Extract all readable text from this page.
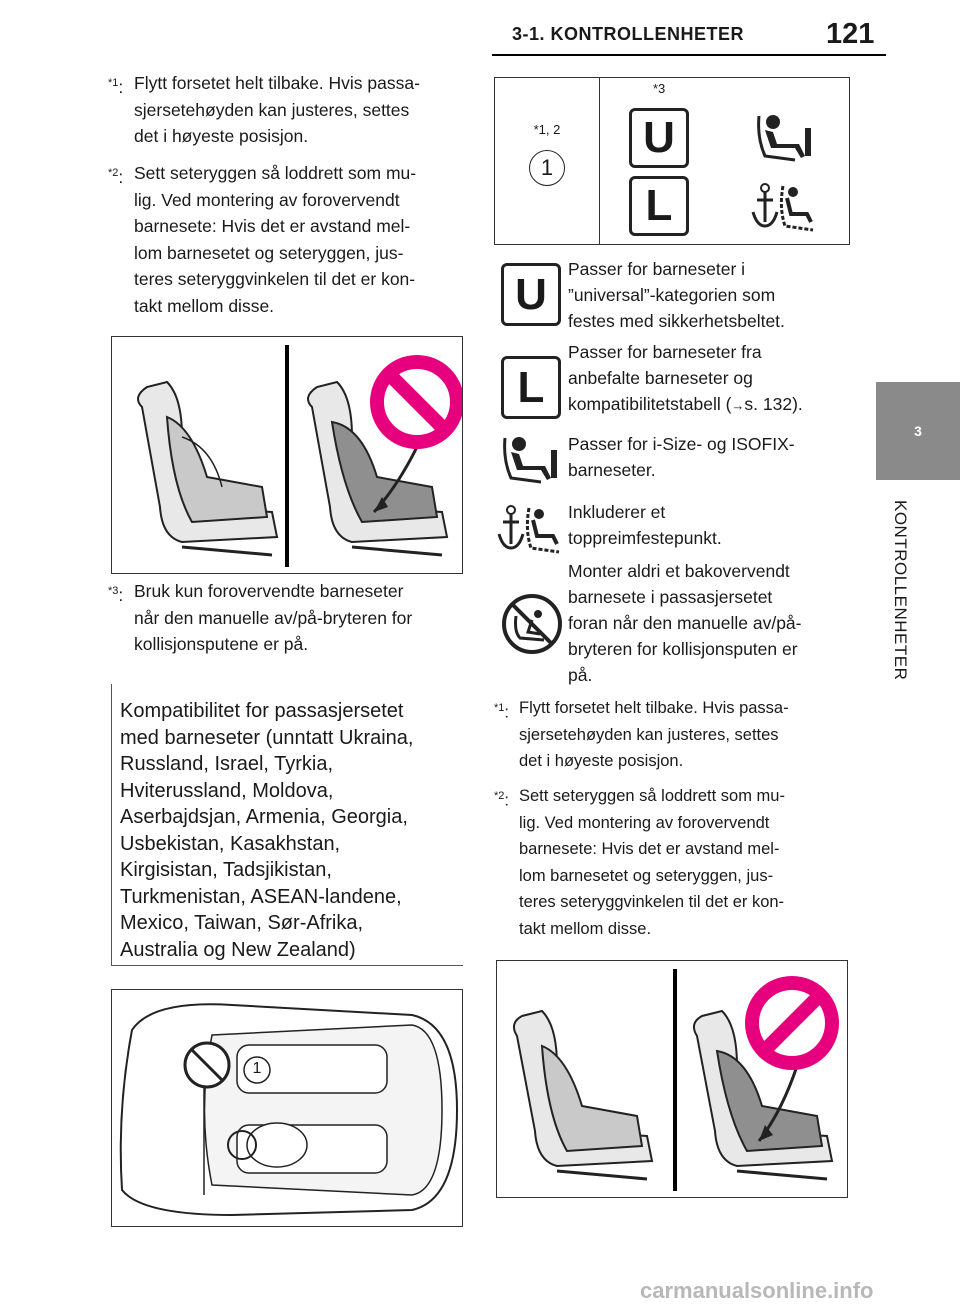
3-1. KONTROLLENHETER	121
3
KONTROLLENHETER
$^{*1}$: Flytt forsetet helt tilbake. Hvis passa-
sjersetehøyden kan justeres, settes
det i høyeste posisjon.
$^{*2}$: Sett seteryggen så loddrett som mu-
lig. Ved montering av forovervendt
barnesete: Hvis det er avstand mel-
lom barnesetet og seteryggen, jus-
teres seteryggvinkelen til det er kon-
takt mellom disse.
$^{*3}$: Bruk kun forovervendte barneseter
når den manuelle av/på-bryteren for
kollisjonsputene er på.
Kompatibilitet for passasjersetet
med barneseter (unntatt Ukraina,
Russland, Israel, Tyrkia,
Hviterussland, Moldova,
Aserbajdsjan, Armenia, Georgia,
Usbekistan, Kasakhstan,
Kirgisistan, Tadsjikistan,
Turkmenistan, ASEAN-landene,
Mexico, Taiwan, Sør-Afrika,
Australia og New Zealand)
1
*1, 2
1
*3
U
L
U
Passer for barneseter i
”universal”-kategorien som
festes med sikkerhetsbeltet.
L
Passer for barneseter fra
anbefalte barneseter og
kompatibilitetstabell (→s. 132).
Passer for i-Size- og ISOFIX-
barneseter.
Inkluderer et
toppreimfestepunkt.
Monter aldri et bakovervendt
barnesete i passasjersetet
foran når den manuelle av/på-
bryteren for kollisjonsputen er
på.
$^{*1}$: Flytt forsetet helt tilbake. Hvis passa-
sjersetehøyden kan justeres, settes
det i høyeste posisjon.
$^{*2}$: Sett seteryggen så loddrett som mu-
lig. Ved montering av forovervendt
barnesete: Hvis det er avstand mel-
lom barnesetet og seteryggen, jus-
teres seteryggvinkelen til det er kon-
takt mellom disse.
carmanualsonline.info
